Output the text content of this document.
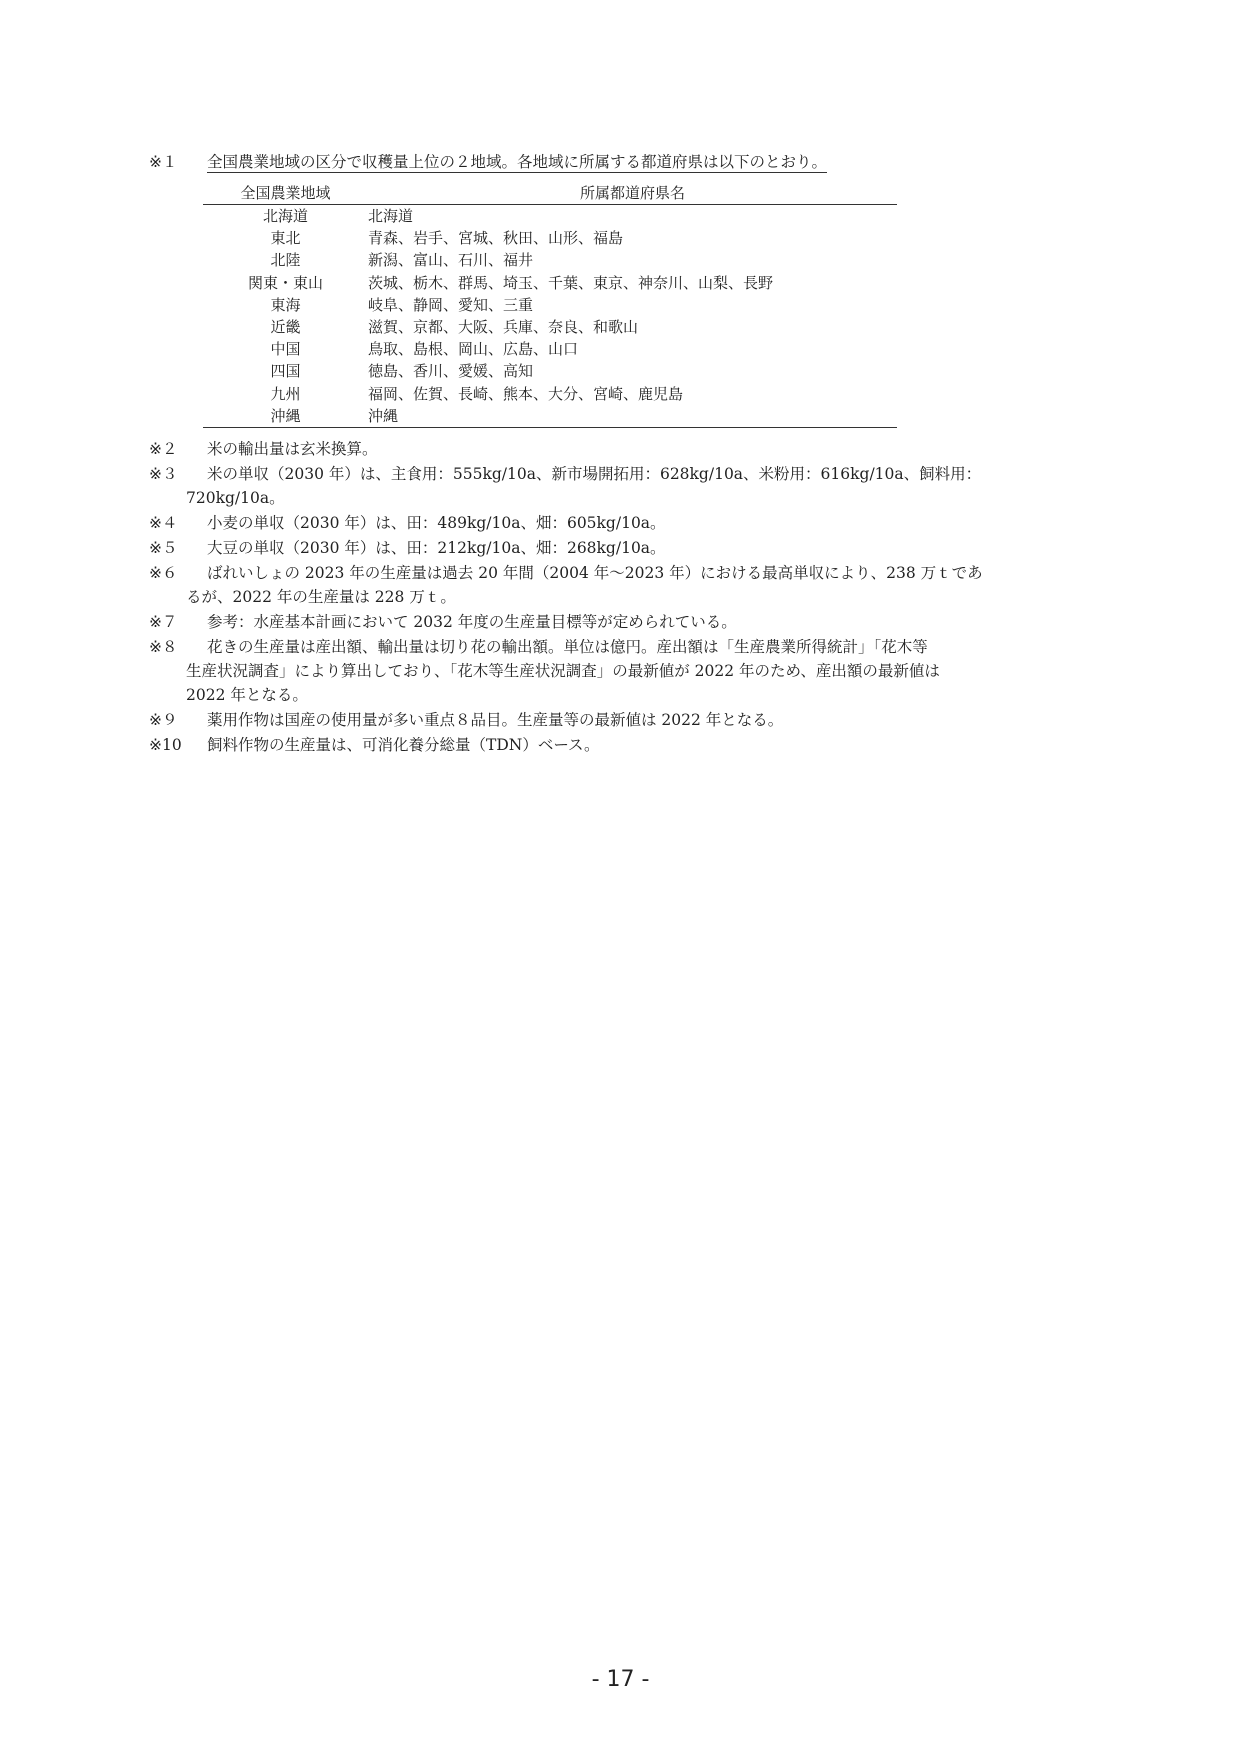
※１ 全国農業地域の区分で収穫量上位の２地域。各地域に所属する都道府県は以下のとおり。
全国農業地域	所属都道府県名
北海道	北海道
東北	青森、岩手、宮城、秋田、山形、福島
北陸	新潟、富山、石川、福井
関東・東山	茨城、栃木、群馬、埼玉、千葉、東京、神奈川、山梨、長野
東海	岐阜、静岡、愛知、三重
近畿	滋賀、京都、大阪、兵庫、奈良、和歌山
中国	鳥取、島根、岡山、広島、山口
四国	徳島、香川、愛媛、高知
九州	福岡、佐賀、長崎、熊本、大分、宮崎、鹿児島
沖縄	沖縄
※２ 米の輸出量は玄米換算。
※３ 米の単収（2030 年）は、主食用：555kg/10a、新市場開拓用：628kg/10a、米粉用：616kg/10a、飼料用：
720kg/10a。
※４ 小麦の単収（2030 年）は、田：489kg/10a、畑：605kg/10a。
※５ 大豆の単収（2030 年）は、田：212kg/10a、畑：268kg/10a。
※６ ばれいしょの 2023 年の生産量は過去 20 年間（2004 年～2023 年）における最高単収により、238 万ｔであ
るが、2022 年の生産量は 228 万ｔ。
※７ 参考：水産基本計画において 2032 年度の生産量目標等が定められている。
※８ 花きの生産量は産出額、輸出量は切り花の輸出額。単位は億円。産出額は「生産農業所得統計」「花木等
生産状況調査」により算出しており、「花木等生産状況調査」の最新値が 2022 年のため、産出額の最新値は
2022 年となる。
※９ 薬用作物は国産の使用量が多い重点８品目。生産量等の最新値は 2022 年となる。
※10 飼料作物の生産量は、可消化養分総量（TDN）ベース。
- 17 -
